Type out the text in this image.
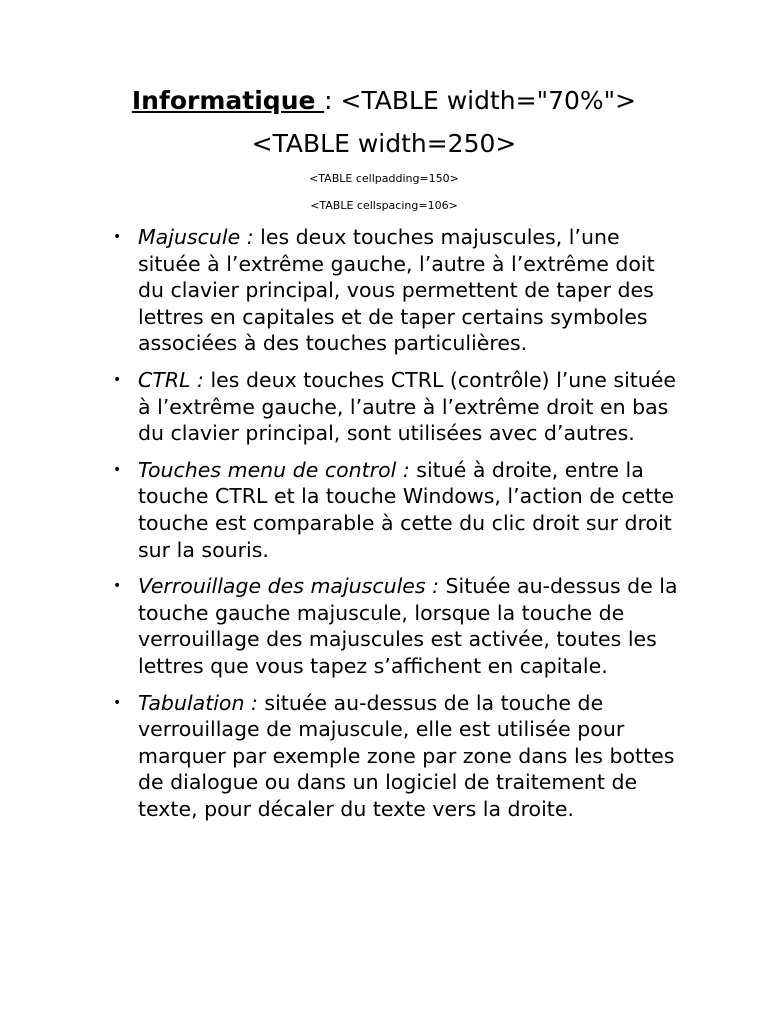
Informatique : <TABLE width="70%">
<TABLE width=250>
<TABLE cellpadding=150>
<TABLE cellspacing=106>
• Majuscule : les deux touches majuscules, l’une située à l’extrême gauche, l’autre à l’extrême doit du clavier principal, vous permettent de taper des lettres en capitales et de taper certains symboles associées à des touches particulières.
• CTRL : les deux touches CTRL (contrôle) l’une située à l’extrême gauche, l’autre à l’extrême droit en bas du clavier principal, sont utilisées avec d’autres.
• Touches menu de control : situé à droite, entre la touche CTRL et la touche Windows, l’action de cette touche est comparable à cette du clic droit sur droit sur la souris.
• Verrouillage des majuscules : Située au-dessus de la touche gauche majuscule, lorsque la touche de verrouillage des majuscules est activée, toutes les lettres que vous tapez s’affichent en capitale.
• Tabulation : située au-dessus de la touche de verrouillage de majuscule, elle est utilisée pour marquer par exemple zone par zone dans les bottes de dialogue ou dans un logiciel de traitement de texte, pour décaler du texte vers la droite.
